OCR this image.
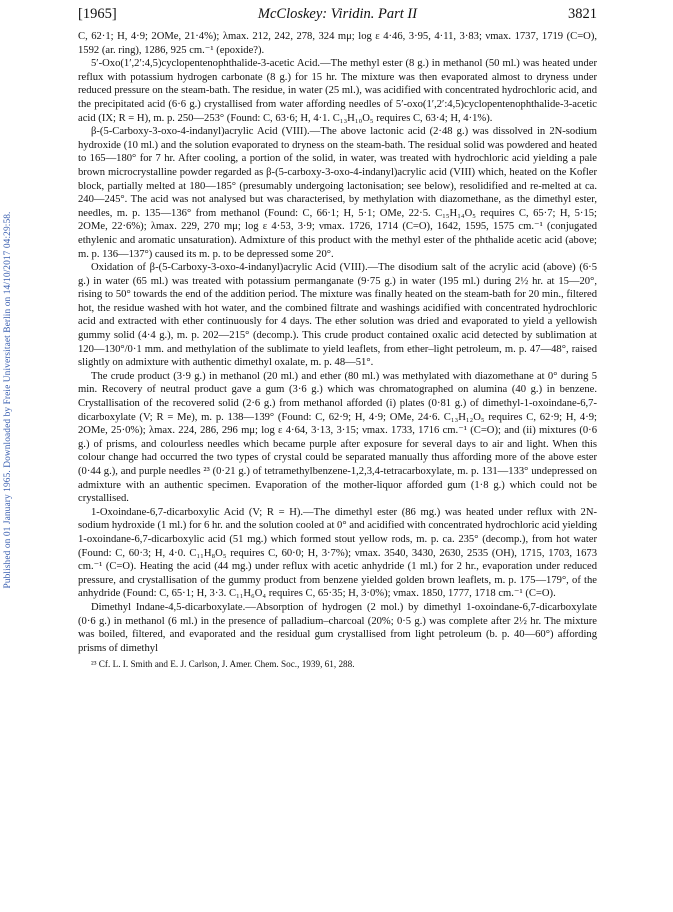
Published on 01 January 1965. Downloaded by Freie Universitaet Berlin on 14/10/2017 04:29:58.
[1965]	McCloskey: Viridin. Part II	3821

C, 62·1; H, 4·9; 2OMe, 21·4%); λmax. 212, 242, 278, 324 mμ; log ε 4·46, 3·95, 4·11, 3·83; νmax. 1737, 1719 (C=O), 1592 (ar. ring), 1286, 925 cm.⁻¹ (epoxide?).

5′-Oxo(1′,2′:4,5)cyclopentenophthalide-3-acetic Acid.—The methyl ester (8 g.) in methanol (50 ml.) was heated under reflux with potassium hydrogen carbonate (8 g.) for 15 hr. The mixture was then evaporated almost to dryness under reduced pressure on the steam-bath. The residue, in water (25 ml.), was acidified with concentrated hydrochloric acid, and the precipitated acid (6·6 g.) crystallised from water affording needles of 5′-oxo(1′,2′:4,5)cyclopentenophthalide-3-acetic acid (IX; R = H), m. p. 250—253° (Found: C, 63·6; H, 4·1. C₁₃H₁₀O₅ requires C, 63·4; H, 4·1%).

β-(5-Carboxy-3-oxo-4-indanyl)acrylic Acid (VIII).—The above lactonic acid (2·48 g.) was dissolved in 2N-sodium hydroxide (10 ml.) and the solution evaporated to dryness on the steam-bath. The residual solid was powdered and heated to 165—180° for 7 hr. After cooling, a portion of the solid, in water, was treated with hydrochloric acid yielding a pale brown microcrystalline powder regarded as β-(5-carboxy-3-oxo-4-indanyl)acrylic acid (VIII) which, heated on the Kofler block, partially melted at 180—185° (presumably undergoing lactonisation; see below), resolidified and re-melted at ca. 240—245°. The acid was not analysed but was characterised, by methylation with diazomethane, as the dimethyl ester, needles, m. p. 135—136° from methanol (Found: C, 66·1; H, 5·1; OMe, 22·5. C₁₅H₁₄O₅ requires C, 65·7; H, 5·15; 2OMe, 22·6%); λmax. 229, 270 mμ; log ε 4·53, 3·9; νmax. 1726, 1714 (C=O), 1642, 1595, 1575 cm.⁻¹ (conjugated ethylenic and aromatic unsaturation). Admixture of this product with the methyl ester of the phthalide acetic acid (above; m. p. 136—137°) caused its m. p. to be depressed some 20°.

Oxidation of β-(5-Carboxy-3-oxo-4-indanyl)acrylic Acid (VIII).—The disodium salt of the acrylic acid (above) (6·5 g.) in water (65 ml.) was treated with potassium permanganate (9·75 g.) in water (195 ml.) during 2½ hr. at 15—20°, rising to 50° towards the end of the addition period. The mixture was finally heated on the steam-bath for 20 min., filtered hot, the residue washed with hot water, and the combined filtrate and washings acidified with concentrated hydrochloric acid and extracted with ether continuously for 4 days. The ether solution was dried and evaporated to yield a yellowish gummy solid (4·4 g.), m. p. 202—215° (decomp.). This crude product contained oxalic acid detected by sublimation at 120—130°/0·1 mm. and methylation of the sublimate to yield leaflets, from ether–light petroleum, m. p. 47—48°, raised slightly on admixture with authentic dimethyl oxalate, m. p. 48—51°.

The crude product (3·9 g.) in methanol (20 ml.) and ether (80 ml.) was methylated with diazomethane at 0° during 5 min. Recovery of neutral product gave a gum (3·6 g.) which was chromatographed on alumina (40 g.) in benzene. Crystallisation of the recovered solid (2·6 g.) from methanol afforded (i) plates (0·81 g.) of dimethyl-1-oxoindane-6,7-dicarboxylate (V; R = Me), m. p. 138—139° (Found: C, 62·9; H, 4·9; OMe, 24·6. C₁₃H₁₂O₅ requires C, 62·9; H, 4·9; 2OMe, 25·0%); λmax. 224, 286, 296 mμ; log ε 4·64, 3·13, 3·15; νmax. 1733, 1716 cm.⁻¹ (C=O); and (ii) mixtures (0·6 g.) of prisms, and colourless needles which became purple after exposure for several days to air and light. When this colour change had occurred the two types of crystal could be separated manually thus affording more of the above ester (0·44 g.), and purple needles ²³ (0·21 g.) of tetramethylbenzene-1,2,3,4-tetracarboxylate, m. p. 131—133° undepressed on admixture with an authentic specimen. Evaporation of the mother-liquor afforded gum (1·8 g.) which could not be crystallised.

1-Oxoindane-6,7-dicarboxylic Acid (V; R = H).—The dimethyl ester (86 mg.) was heated under reflux with 2N-sodium hydroxide (1 ml.) for 6 hr. and the solution cooled at 0° and acidified with concentrated hydrochloric acid yielding 1-oxoindane-6,7-dicarboxylic acid (51 mg.) which formed stout yellow rods, m. p. ca. 235° (decomp.), from hot water (Found: C, 60·3; H, 4·0. C₁₁H₈O₅ requires C, 60·0; H, 3·7%); νmax. 3540, 3430, 2630, 2535 (OH), 1715, 1703, 1673 cm.⁻¹ (C=O). Heating the acid (44 mg.) under reflux with acetic anhydride (1 ml.) for 2 hr., evaporation under reduced pressure, and crystallisation of the gummy product from benzene yielded golden brown leaflets, m. p. 175—179°, of the anhydride (Found: C, 65·1; H, 3·3. C₁₁H₆O₄ requires C, 65·35; H, 3·0%); νmax. 1850, 1777, 1718 cm.⁻¹ (C=O).

Dimethyl Indane-4,5-dicarboxylate.—Absorption of hydrogen (2 mol.) by dimethyl 1-oxoindane-6,7-dicarboxylate (0·6 g.) in methanol (6 ml.) in the presence of palladium–charcoal (20%; 0·5 g.) was complete after 2½ hr. The mixture was boiled, filtered, and evaporated and the residual gum crystallised from light petroleum (b. p. 40—60°) affording prisms of dimethyl

²³ Cf. L. I. Smith and E. J. Carlson, J. Amer. Chem. Soc., 1939, 61, 288.
